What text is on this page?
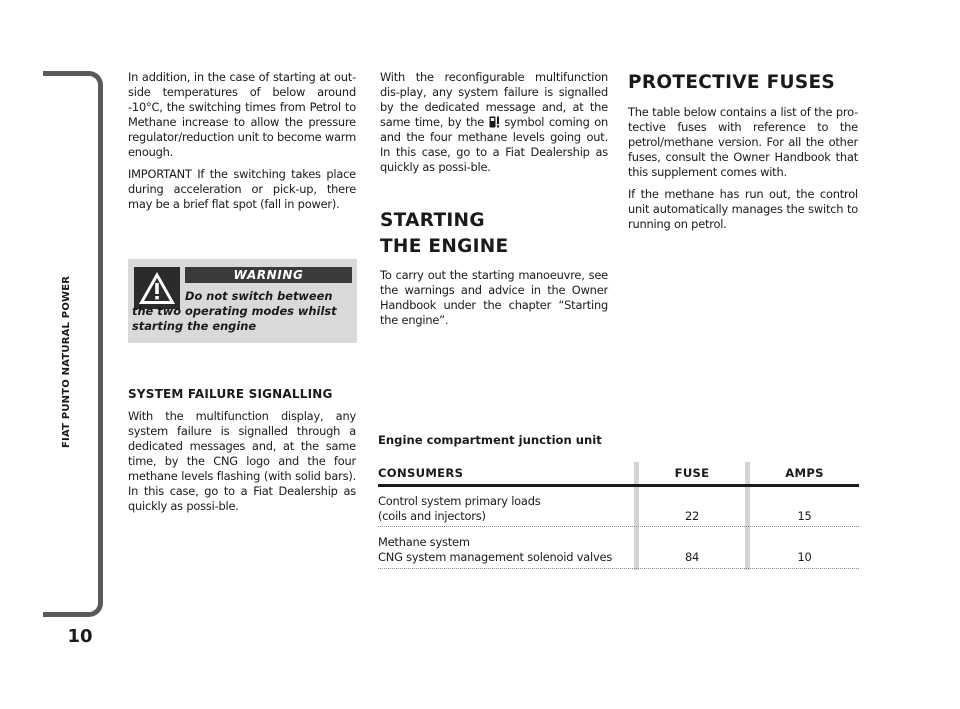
FIAT PUNTO NATURAL POWER
10

In addition, in the case of starting at out-side temperatures of below around -10°C, the switching times from Petrol to Methane increase to allow the pressure regulator/reduction unit to become warm enough.

IMPORTANT If the switching takes place during acceleration or pick-up, there may be a brief flat spot (fall in power).

WARNING

Do not switch between the two operating modes whilst starting the engine

SYSTEM FAILURE SIGNALLING

With the multifunction display, any system failure is signalled through a dedicated messages and, at the same time, by the CNG logo and the four methane levels flashing (with solid bars). In this case, go to a Fiat Dealership as quickly as possi-ble.

With the reconfigurable multifunction dis-play, any system failure is signalled by the dedicated message and, at the same time, by the  symbol coming on and the four methane levels going out. In this case, go to a Fiat Dealership as quickly as possi-ble.

STARTING

THE ENGINE

To carry out the starting manoeuvre, see the warnings and advice in the Owner Handbook under the chapter “Starting the engine”.

PROTECTIVE FUSES

The table below contains a list of the pro-tective fuses with reference to the petrol/methane version. For all the other fuses, consult the Owner Handbook that this supplement comes with.

If the methane has run out, the control unit automatically manages the switch to running on petrol.

Engine compartment junction unit

CONSUMERS	FUSE	AMPS

Control system primary loads

(coils and injectors)	22	15

Methane system

CNG system management solenoid valves	84	10
